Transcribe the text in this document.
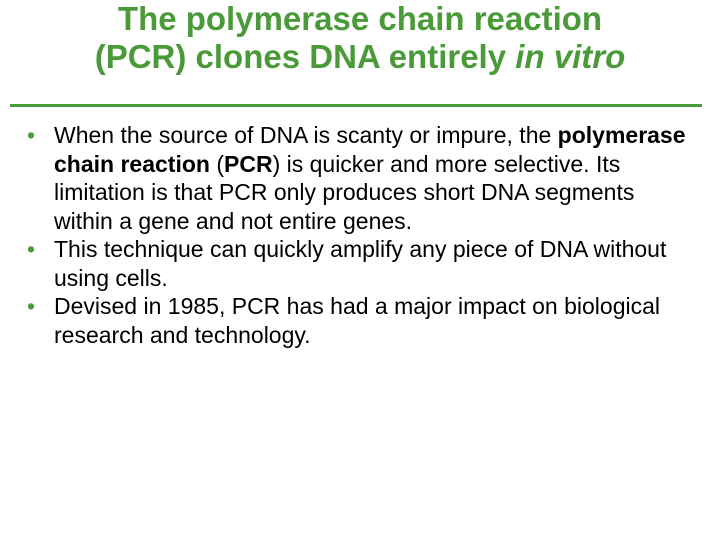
The polymerase chain reaction
(PCR) clones DNA entirely in vitro
• When the source of DNA is scanty or impure, the polymerase chain reaction (PCR) is quicker and more selective. Its limitation is that PCR only produces short DNA segments within a gene and not entire genes.
• This technique can quickly amplify any piece of DNA without using cells.
• Devised in 1985, PCR has had a major impact on biological research and technology.
